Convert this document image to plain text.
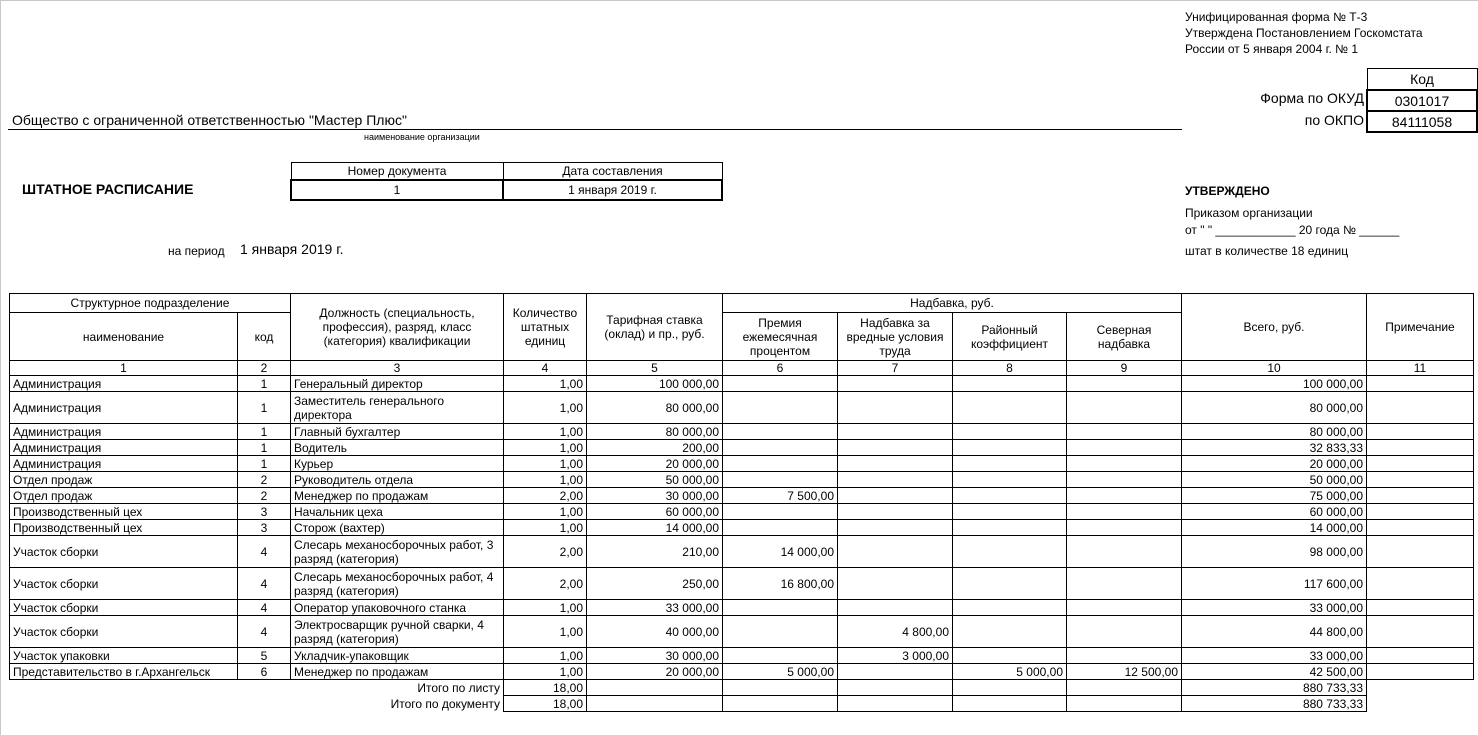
Унифицированная форма № Т-3
Утверждена Постановлением Госкомстата
России от 5 января 2004 г. № 1
Код
0301017
84111058
Форма по ОКУД
по ОКПО
Общество с ограниченной ответственностью "Мастер Плюс"
наименование организации
ШТАТНОЕ РАСПИСАНИЕ
Номер документа	Дата составления
1	1 января 2019 г.
на период 1 января 2019 г.
УТВЕРЖДЕНО
Приказом организации
от " " ____________ 20 года № ______
штат в количестве 18 единиц
Структурное подразделение		Должность (специальность, профессия), разряд, класс (категория) квалификации	Количество штатных единиц	Тарифная ставка (оклад) и пр., руб.	Надбавка, руб.				Всего, руб.	Примечание
наименование	код				Премия ежемесячная процентом	Надбавка за вредные условия труда	Районный коэффициент	Северная надбавка		
1	2	3	4	5	6	7	8	9	10	11
Администрация	1	Генеральный директор	1,00	100 000,00					100 000,00	
Администрация	1	Заместитель генерального директора	1,00	80 000,00					80 000,00	
Администрация	1	Главный бухгалтер	1,00	80 000,00					80 000,00	
Администрация	1	Водитель	1,00	200,00					32 833,33	
Администрация	1	Курьер	1,00	20 000,00					20 000,00	
Отдел продаж	2	Руководитель отдела	1,00	50 000,00					50 000,00	
Отдел продаж	2	Менеджер по продажам	2,00	30 000,00	7 500,00				75 000,00	
Производственный цех	3	Начальник цеха	1,00	60 000,00					60 000,00	
Производственный цех	3	Сторож (вахтер)	1,00	14 000,00					14 000,00	
Участок сборки	4	Слесарь механосборочных работ, 3 разряд (категория)	2,00	210,00	14 000,00				98 000,00	
Участок сборки	4	Слесарь механосборочных работ, 4 разряд (категория)	2,00	250,00	16 800,00				117 600,00	
Участок сборки	4	Оператор упаковочного станка	1,00	33 000,00					33 000,00	
Участок сборки	4	Электросварщик ручной сварки, 4 разряд (категория)	1,00	40 000,00		4 800,00			44 800,00	
Участок упаковки	5	Укладчик-упаковщик	1,00	30 000,00		3 000,00			33 000,00	
Представительство в г.Архангельск	6	Менеджер по продажам	1,00	20 000,00	5 000,00		5 000,00	12 500,00	42 500,00	
Итого по листу			18,00						880 733,33	
Итого по документу			18,00						880 733,33	
